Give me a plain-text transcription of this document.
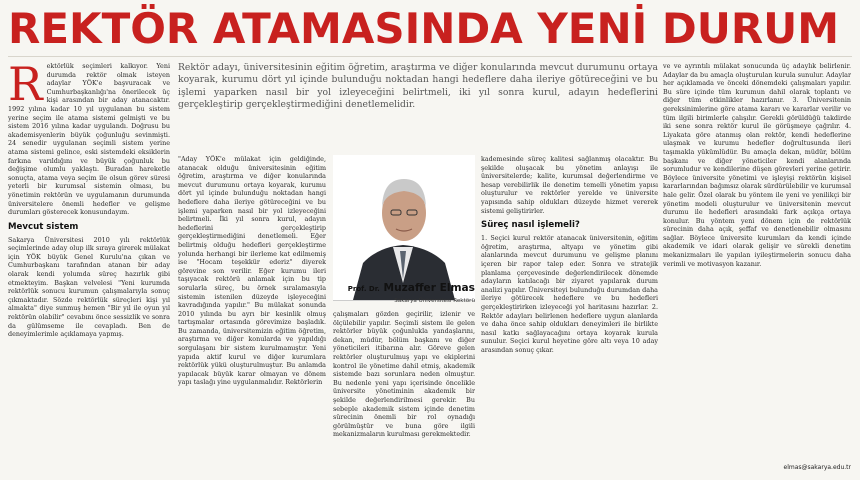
REKTÖR ATAMASINDA YENİ DURUM
R ektörlük seçimleri kalkıyor. Yeni durumda rektör olmak isteyen adaylar YÖK'e başvuracak ve Cumhurbaşkanlığı'na önerilecek üç kişi arasından bir aday atanacaktır. 1992 yılına kadar 10 yıl uygulanan bu sistem yerine seçim ile atama sistemi gelmişti ve bu sistem 2016 yılına kadar uygulandı. Doğrusu bu akademisyenlerin büyük çoğunluğu sevinmişti. 24 senedir uygulanan seçimli sistem yerine atama sistemi gelince, eski sistemdeki eksiklerin farkına varıldığını ve büyük çoğunluk bu değişime olumlu yaklaştı. Buradan hareketle sonuçta, atama veya seçim ile olsun görev süresi yeterli bir kurumsal sistemin olması, bu yönetimin rektörün ve uygulamanın durumunda üniversitelere önemli hedefler ve gelişme durumları gösterecek konusundayım.

Mevcut sistem

Sakarya Üniversitesi 2010 yılı rektörlük seçimlerinde aday olup ilk sıraya girerek mülakat için YÖK büyük Genel Kurulu'na çıkan ve Cumhurbaşkanı tarafından atanan bir aday olarak kendi yolumda süreç hazırlık gibi etmekteyim. Başkan velvelesi "Yeni kurumda rektörlük sonucu kurumun çalışmalarıyla sonuç çıkmaktadır. Sözde rektörlük süreçleri kişi yıl almakta" diye sunmuş hemen "Bir yıl ile oyun yıl rektörün olabilir" cevabını önce sessizlik ve sonra da gülümseme ile cevapladı. Ben de deneyimlerimle açıklamaya yapmış.

Rektör adayı, üniversitesinin eğitim öğretim, araştırma ve diğer konularında mevcut durumunu ortaya koyarak, kurumu dört yıl içinde bulunduğu noktadan hangi hedeflere daha ileriye götüreceğini ve bu işlemi yaparken nasıl bir yol izleyeceğini belirtmeli, iki yıl sonra kurul, adayın hedeflerini gerçekleştirip gerçekleştirmediğini denetlemelidir.

"Aday YÖK'e mülakat için geldiğinde, atanacak olduğu üniversitesinin eğitim öğretim, araştırma ve diğer konularında mevcut durumunu ortaya koyarak, kurumu dört yıl içinde bulunduğu noktadan hangi hedeflere daha ileriye götüreceğini ve bu işlemi yaparken nasıl bir yol izleyeceğini belirtmeli. İki yıl sonra kurul, adayın hedeflerini gerçekleştirip gerçekleştirmediğini denetlemeli. Eğer belirtmiş olduğu hedefleri gerçekleştirme yolunda herhangi bir ilerleme kat edilmemiş ise "Hocam teşekkür ederiz" diyerek görevine son verilir. Eğer kurumu ileri taşıyacak rektörü anlamak için bu tip sorularla süreç, bu örnek sıralamasıyla sistemin istenilen düzeyde işleyeceğini kavradığında yapılır." Bu mülakat sonunda 2010 yılında bu ayrı bir kesinlik olmuş tartışmalar ortasında görevimize başladık. Bu zamanda, üniversitemizin eğitim öğretim, araştırma ve diğer konularda ve yapıldığı sorgulaşanı bir sistem kurulmamıştır. Yeni yapıda aktif kurul ve diğer kurumlara rektörlük yükü oluşturulmuştur. Bu anlamda yapılacak büyük karar olmayan ve dönem yapı taslağı yine uygulanmalıdır. Rektörlerin

Prof. Dr. Muzaffer Elmas
Sakarya Üniversitesi Rektörü

çalışmaları gözden geçirilir, izlenir ve ölçülebilir yapılır. Seçimli sistem ile gelen rektörler büyük çoğunlukla yandaşlarını, dekan, müdür, bölüm başkanı ve diğer yöneticileri itibarına alır. Göreve gelen rektörler oluşturulmuş yapı ve ekiplerini kontrol ile yönetime dahil etmiş, akademik sistemde bazı sorunlara neden olmuştur. Bu nedenle yeni yapı içerisinde öncelikle üniversite yönetiminin akademik bir şekilde değerlendirilmesi gerekir. Bu sebeple akademik sistem içinde denetim sürecinin önemli bir rol oynadığı görülmüştür ve buna göre ilgili mekanizmaların kurulması gerekmektedir.

kademesinde süreç kalitesi sağlanmış olacaktır. Bu şekilde oluşacak bu yönetim anlayışı ile üniversitelerde; kalite, kurumsal değerlendirme ve hesap verebilirlik ile denetim temelli yönetim yapısı oluşturulur ve rektörler yerelde ve üniversite yapısında sahip oldukları düzeyde hizmet vererek sistemi geliştirirler.

Süreç nasıl işlemeli?

1. Seçici kurul rektör atanacak üniversitenin, eğitim öğretim, araştırma, altyapı ve yönetim gibi alanlarında mevcut durumunu ve gelişme planını içeren bir rapor talep eder. Sonra ve stratejik planlama çerçevesinde değerlendirilecek dönemde adayların katılacağı bir ziyaret yapılarak durum analizi yapılır. Üniversiteyi bulunduğu durumdan daha ileriye götürecek hedeflere ve bu hedefleri gerçekleştirirken izleyeceği yol haritasını hazırlar. 2. Rektör adayları belirlenen hedeflere uygun alanlarda ve daha önce sahip oldukları deneyimleri ile birlikte nasıl katkı sağlayacağını ortaya koyarak kurula sunulur. Seçici kurul heyetine göre altı veya 10 aday arasından sonuç çıkar.

ve ve ayrıntılı mülakat sonucunda üç adaylık belirlenir. Adaylar da bu amaçla oluşturulan kurula sunulur. Adaylar her açıklamada ve önceki dönemdeki çalışmaları yapılır. Bu süre içinde tüm kurumun dahil olarak toplantı ve diğer tüm etkinlikler hazırlanır. 3. Üniversitenin gereksinimlerine göre atama kararı ve kararlar verilir ve tüm ilgili birimlerle çalışılır. Gerekli görüldüğü takdirde iki sene sonra rektör kurul ile görüşmeye çağrılır. 4. Liyakata göre atanmış olan rektör, kendi hedeflerine ulaşmak ve kurumu hedefler doğrultusunda ileri taşımakla yükümlüdür. Bu amaçla dekan, müdür, bölüm başkanı ve diğer yöneticiler kendi alanlarında sorumludur ve kendilerine düşen görevleri yerine getirir. Böylece üniversite yönetimi ve işleyişi rektörün kişisel kararlarından bağımsız olarak sürdürülebilir ve kurumsal hale gelir. Özel olarak bu yöntem ile yeni ve yenilikçi bir yönetim modeli oluşturulur ve üniversitenin mevcut durumu ile hedefleri arasındaki fark açıkça ortaya konulur. Bu yöntem yeni dönem için de rektörlük sürecinin daha açık, şeffaf ve denetlenebilir olmasını sağlar. Böylece üniversite kurumları da kendi içinde akademik ve idari olarak gelişir ve sürekli denetim mekanizmaları ile yapılan iyileştirmelerin sonucu daha verimli ve motivasyon kazanır.

elmas@sakarya.edu.tr
